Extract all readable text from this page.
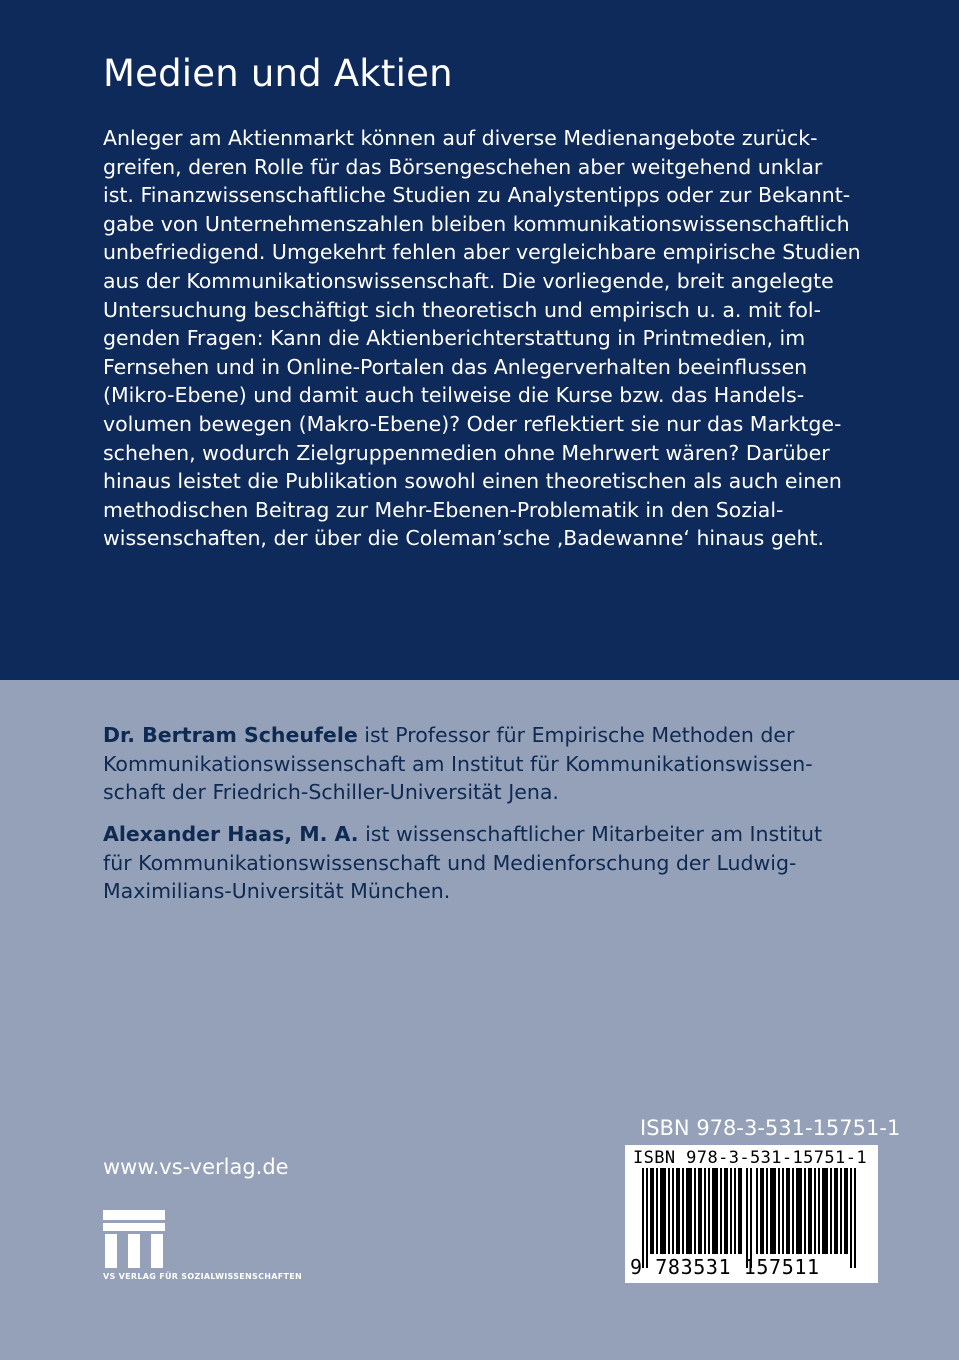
Medien und Aktien

Anleger am Aktienmarkt können auf diverse Medienangebote zurück-
greifen, deren Rolle für das Börsengeschehen aber weitgehend unklar
ist. Finanzwissenschaftliche Studien zu Analystentipps oder zur Bekannt-
gabe von Unternehmenszahlen bleiben kommunikationswissenschaftlich
unbefriedigend. Umgekehrt fehlen aber vergleichbare empirische Studien
aus der Kommunikationswissenschaft. Die vorliegende, breit angelegte
Untersuchung beschäftigt sich theoretisch und empirisch u. a. mit fol-
genden Fragen: Kann die Aktienberichterstattung in Printmedien, im
Fernsehen und in Online-Portalen das Anlegerverhalten beeinflussen
(Mikro-Ebene) und damit auch teilweise die Kurse bzw. das Handels-
volumen bewegen (Makro-Ebene)? Oder reflektiert sie nur das Marktge-
schehen, wodurch Zielgruppenmedien ohne Mehrwert wären? Darüber
hinaus leistet die Publikation sowohl einen theoretischen als auch einen
methodischen Beitrag zur Mehr-Ebenen-Problematik in den Sozial-
wissenschaften, der über die Coleman’sche ‚Badewanne‘ hinaus geht.

Dr. Bertram Scheufele ist Professor für Empirische Methoden der
Kommunikationswissenschaft am Institut für Kommunikationswissen-
schaft der Friedrich-Schiller-Universität Jena.

Alexander Haas, M. A. ist wissenschaftlicher Mitarbeiter am Institut
für Kommunikationswissenschaft und Medienforschung der Ludwig-
Maximilians-Universität München.

www.vs-verlag.de
VS VERLAG FÜR SOZIALWISSENSCHAFTEN
ISBN 978-3-531-15751-1
ISBN 978-3-531-15751-1
9 783531 157511
